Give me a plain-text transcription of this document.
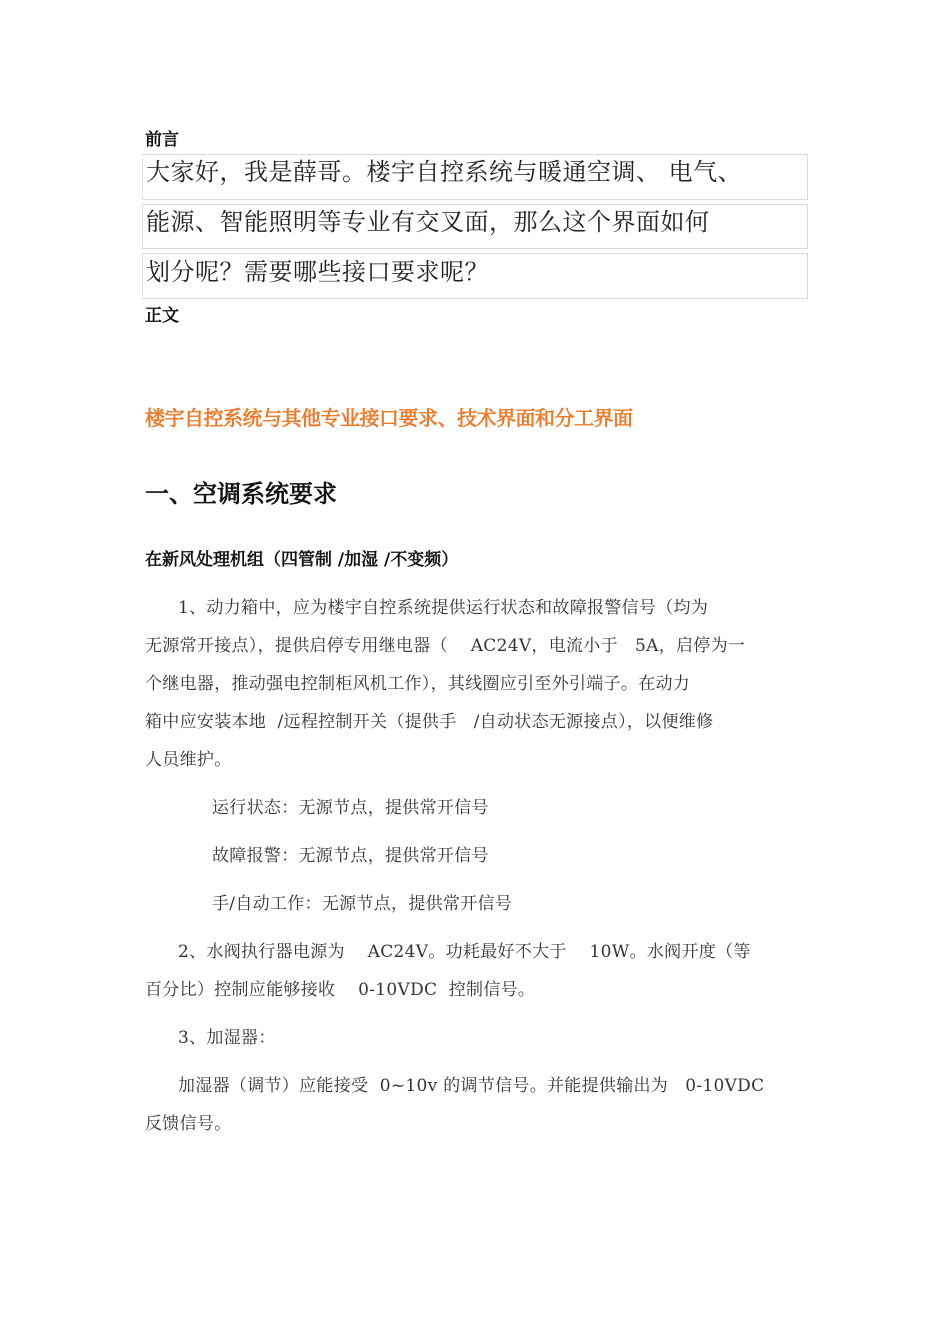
前言
大家好，我是薛哥。楼宇自控系统与暖通空调、 电气、
能源、智能照明等专业有交叉面，那么这个界面如何
划分呢？需要哪些接口要求呢？
正文
楼宇自控系统与其他专业接口要求、技术界面和分工界面
一、空调系统要求
在新风处理机组（四管制 /加湿 /不变频）
1、动力箱中，应为楼宇自控系统提供运行状态和故障报警信号（均为
无源常开接点），提供启停专用继电器（    AC24V，电流小于   5A，启停为一
个继电器，推动强电控制柜风机工作），其线圈应引至外引端子。在动力
箱中应安装本地  /远程控制开关（提供手   /自动状态无源接点），以便维修
人员维护。
运行状态：无源节点，提供常开信号
故障报警：无源节点，提供常开信号
手/自动工作：无源节点，提供常开信号
2、水阀执行器电源为    AC24V。功耗最好不大于    10W。水阀开度（等
百分比）控制应能够接收    0-10VDC  控制信号。
3、加湿器：
加湿器（调节）应能接受  0~10v 的调节信号。并能提供输出为   0-10VDC
反馈信号。
